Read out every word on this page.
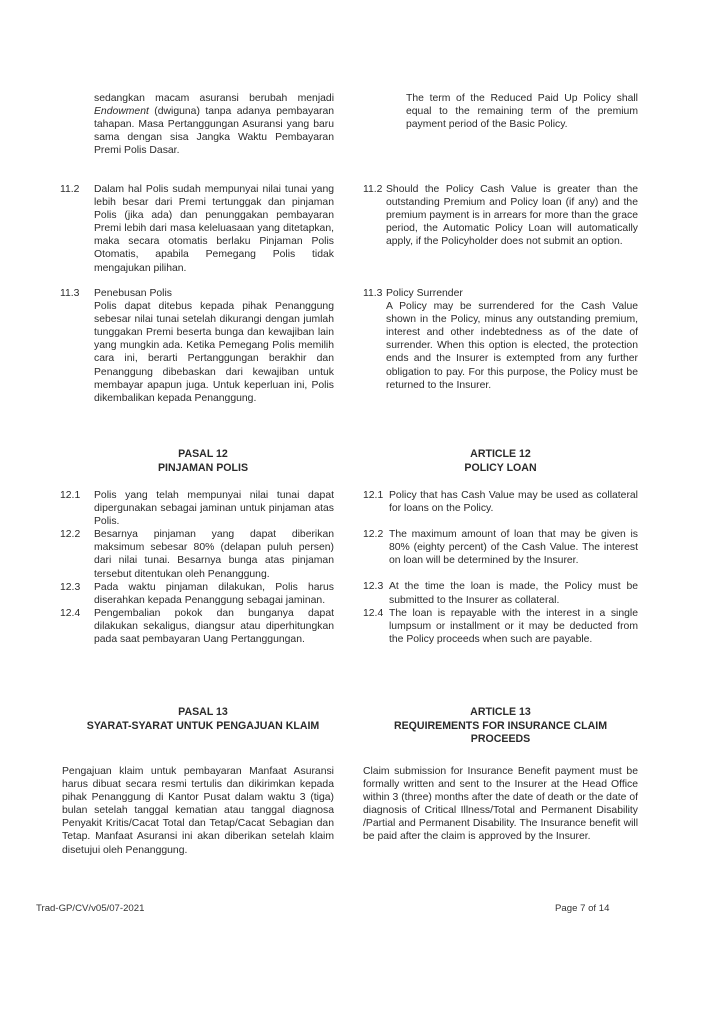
sedangkan macam asuransi berubah menjadi Endowment (dwiguna) tanpa adanya pembayaran tahapan. Masa Pertanggungan Asuransi yang baru sama dengan sisa Jangka Waktu Pembayaran Premi Polis Dasar.

11.2 Dalam hal Polis sudah mempunyai nilai tunai yang lebih besar dari Premi tertunggak dan pinjaman Polis (jika ada) dan penunggakan pembayaran Premi lebih dari masa keleluasaan yang ditetapkan, maka secara otomatis berlaku Pinjaman Polis Otomatis, apabila Pemegang Polis tidak mengajukan pilihan.

11.3 Penebusan Polis

Polis dapat ditebus kepada pihak Penanggung sebesar nilai tunai setelah dikurangi dengan jumlah tunggakan Premi beserta bunga dan kewajiban lain yang mungkin ada. Ketika Pemegang Polis memilih cara ini, berarti Pertanggungan berakhir dan Penanggung dibebaskan dari kewajiban untuk membayar apapun juga. Untuk keperluan ini, Polis dikembalikan kepada Penanggung.

PASAL 12

PINJAMAN POLIS

12.1 Polis yang telah mempunyai nilai tunai dapat dipergunakan sebagai jaminan untuk pinjaman atas Polis.

12.2 Besarnya pinjaman yang dapat diberikan maksimum sebesar 80% (delapan puluh persen) dari nilai tunai. Besarnya bunga atas pinjaman tersebut ditentukan oleh Penanggung.

12.3 Pada waktu pinjaman dilakukan, Polis harus diserahkan kepada Penanggung sebagai jaminan.

12.4 Pengembalian pokok dan bunganya dapat dilakukan sekaligus, diangsur atau diperhitungkan pada saat pembayaran Uang Pertanggungan.

PASAL 13

SYARAT-SYARAT UNTUK PENGAJUAN KLAIM

Pengajuan klaim untuk pembayaran Manfaat Asuransi harus dibuat secara resmi tertulis dan dikirimkan kepada pihak Penanggung di Kantor Pusat dalam waktu 3 (tiga) bulan setelah tanggal kematian atau tanggal diagnosa Penyakit Kritis/Cacat Total dan Tetap/Cacat Sebagian dan Tetap. Manfaat Asuransi ini akan diberikan setelah klaim disetujui oleh Penanggung.

The term of the Reduced Paid Up Policy shall equal to the remaining term of the premium payment period of the Basic Policy.

11.2 Should the Policy Cash Value is greater than the outstanding Premium and Policy loan (if any) and the premium payment is in arrears for more than the grace period, the Automatic Policy Loan will automatically apply, if the Policyholder does not submit an option.

11.3 Policy Surrender

A Policy may be surrendered for the Cash Value shown in the Policy, minus any outstanding premium, interest and other indebtedness as of the date of surrender. When this option is elected, the protection ends and the Insurer is extempted from any further obligation to pay. For this purpose, the Policy must be returned to the Insurer.

ARTICLE 12

POLICY LOAN

12.1 Policy that has Cash Value may be used as collateral for loans on the Policy.

12.2 The maximum amount of loan that may be given is 80% (eighty percent) of the Cash Value. The interest on loan will be determined by the Insurer.

12.3 At the time the loan is made, the Policy must be submitted to the Insurer as collateral.

12.4 The loan is repayable with the interest in a single lumpsum or installment or it may be deducted from the Policy proceeds when such are payable.

ARTICLE 13

REQUIREMENTS FOR INSURANCE CLAIM PROCEEDS

Claim submission for Insurance Benefit payment must be formally written and sent to the Insurer at the Head Office within 3 (three) months after the date of death or the date of diagnosis of Critical Illness/Total and Permanent Disability /Partial and Permanent Disability. The Insurance benefit will be paid after the claim is approved by the Insurer.

Trad-GP/CV/v05/07-2021	Page 7 of 14
